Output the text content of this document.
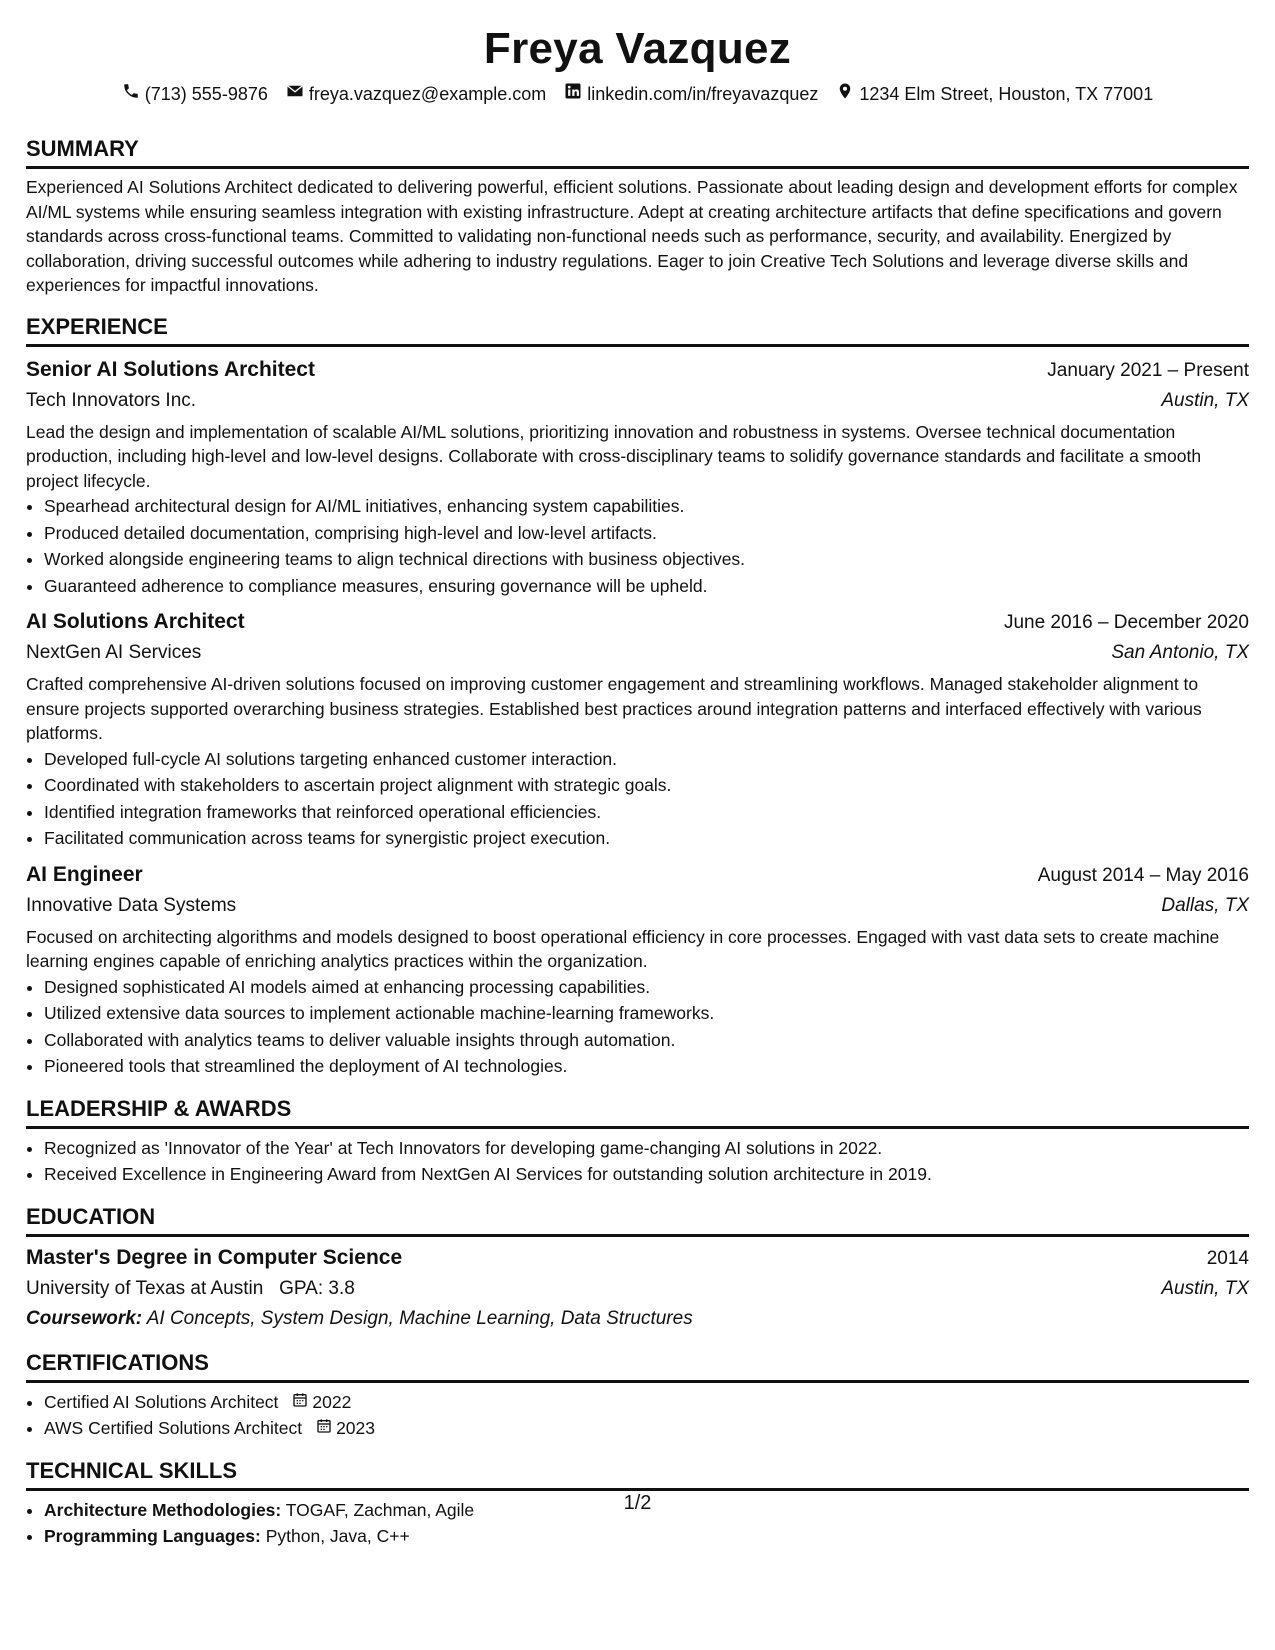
Freya Vazquez
(713) 555-9876 freya.vazquez@example.com linkedin.com/in/freyavazquez 1234 Elm Street, Houston, TX 77001
SUMMARY
Experienced AI Solutions Architect dedicated to delivering powerful, efficient solutions. Passionate about leading design and development efforts for complex AI/ML systems while ensuring seamless integration with existing infrastructure. Adept at creating architecture artifacts that define specifications and govern standards across cross-functional teams. Committed to validating non-functional needs such as performance, security, and availability. Energized by collaboration, driving successful outcomes while adhering to industry regulations. Eager to join Creative Tech Solutions and leverage diverse skills and experiences for impactful innovations.
EXPERIENCE
Senior AI Solutions Architect	January 2021 – Present
Tech Innovators Inc.	Austin, TX
Lead the design and implementation of scalable AI/ML solutions, prioritizing innovation and robustness in systems. Oversee technical documentation production, including high-level and low-level designs. Collaborate with cross-disciplinary teams to solidify governance standards and facilitate a smooth project lifecycle.
• Spearhead architectural design for AI/ML initiatives, enhancing system capabilities.
• Produced detailed documentation, comprising high-level and low-level artifacts.
• Worked alongside engineering teams to align technical directions with business objectives.
• Guaranteed adherence to compliance measures, ensuring governance will be upheld.
AI Solutions Architect	June 2016 – December 2020
NextGen AI Services	San Antonio, TX
Crafted comprehensive AI-driven solutions focused on improving customer engagement and streamlining workflows. Managed stakeholder alignment to ensure projects supported overarching business strategies. Established best practices around integration patterns and interfaced effectively with various platforms.
• Developed full-cycle AI solutions targeting enhanced customer interaction.
• Coordinated with stakeholders to ascertain project alignment with strategic goals.
• Identified integration frameworks that reinforced operational efficiencies.
• Facilitated communication across teams for synergistic project execution.
AI Engineer	August 2014 – May 2016
Innovative Data Systems	Dallas, TX
Focused on architecting algorithms and models designed to boost operational efficiency in core processes. Engaged with vast data sets to create machine learning engines capable of enriching analytics practices within the organization.
• Designed sophisticated AI models aimed at enhancing processing capabilities.
• Utilized extensive data sources to implement actionable machine-learning frameworks.
• Collaborated with analytics teams to deliver valuable insights through automation.
• Pioneered tools that streamlined the deployment of AI technologies.
LEADERSHIP & AWARDS
• Recognized as 'Innovator of the Year' at Tech Innovators for developing game-changing AI solutions in 2022.
• Received Excellence in Engineering Award from NextGen AI Services for outstanding solution architecture in 2019.
EDUCATION
Master's Degree in Computer Science	2014
University of Texas at Austin GPA: 3.8	Austin, TX
Coursework: AI Concepts, System Design, Machine Learning, Data Structures
CERTIFICATIONS
• Certified AI Solutions Architect 2022
• AWS Certified Solutions Architect 2023
TECHNICAL SKILLS
• Architecture Methodologies: TOGAF, Zachman, Agile
• Programming Languages: Python, Java, C++
1/2
